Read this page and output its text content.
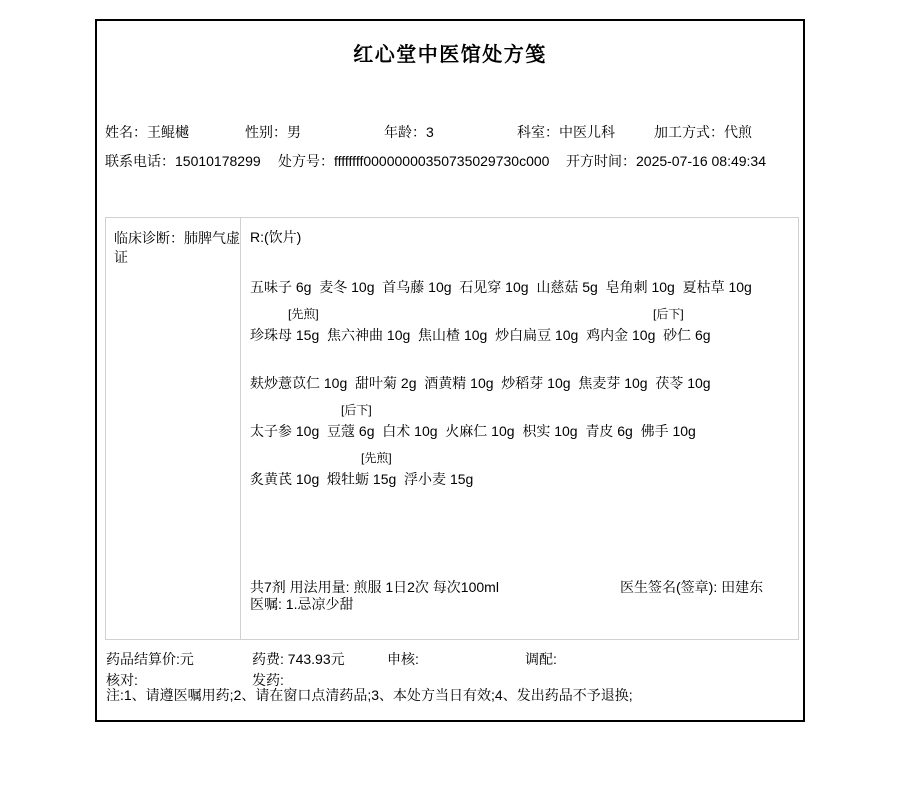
红心堂中医馆处方笺
姓名：王鲲樾	性别：男	年龄：3	科室：中医儿科	加工方式：代煎
联系电话：15010178299 处方号：ffffffff00000000350735029730c000 开方时间：2025-07-16 08:49:34
临床诊断：肺脾气虚证
R:(饮片)
五味子 6g  麦冬 10g  首乌藤 10g  石见穿 10g  山慈菇 5g  皂角刺 10g  夏枯草 10g
[先煎]	[后下]
珍珠母 15g  焦六神曲 10g  焦山楂 10g  炒白扁豆 10g  鸡内金 10g  砂仁 6g
麸炒薏苡仁 10g  甜叶菊 2g  酒黄精 10g  炒稻芽 10g  焦麦芽 10g  茯苓 10g
[后下]
太子参 10g  豆蔻 6g  白术 10g  火麻仁 10g  枳实 10g  青皮 6g  佛手 10g
[先煎]
炙黄芪 10g  煅牡蛎 15g  浮小麦 15g
共7剂 用法用量: 煎服 1日2次 每次100ml	医生签名(签章): 田建东
医嘱: 1.忌凉少甜
药品结算价:元	药费: 743.93元	申核:	调配:
核对:	发药:
注:1、请遵医嘱用药;2、请在窗口点清药品;3、本处方当日有效;4、发出药品不予退换;
